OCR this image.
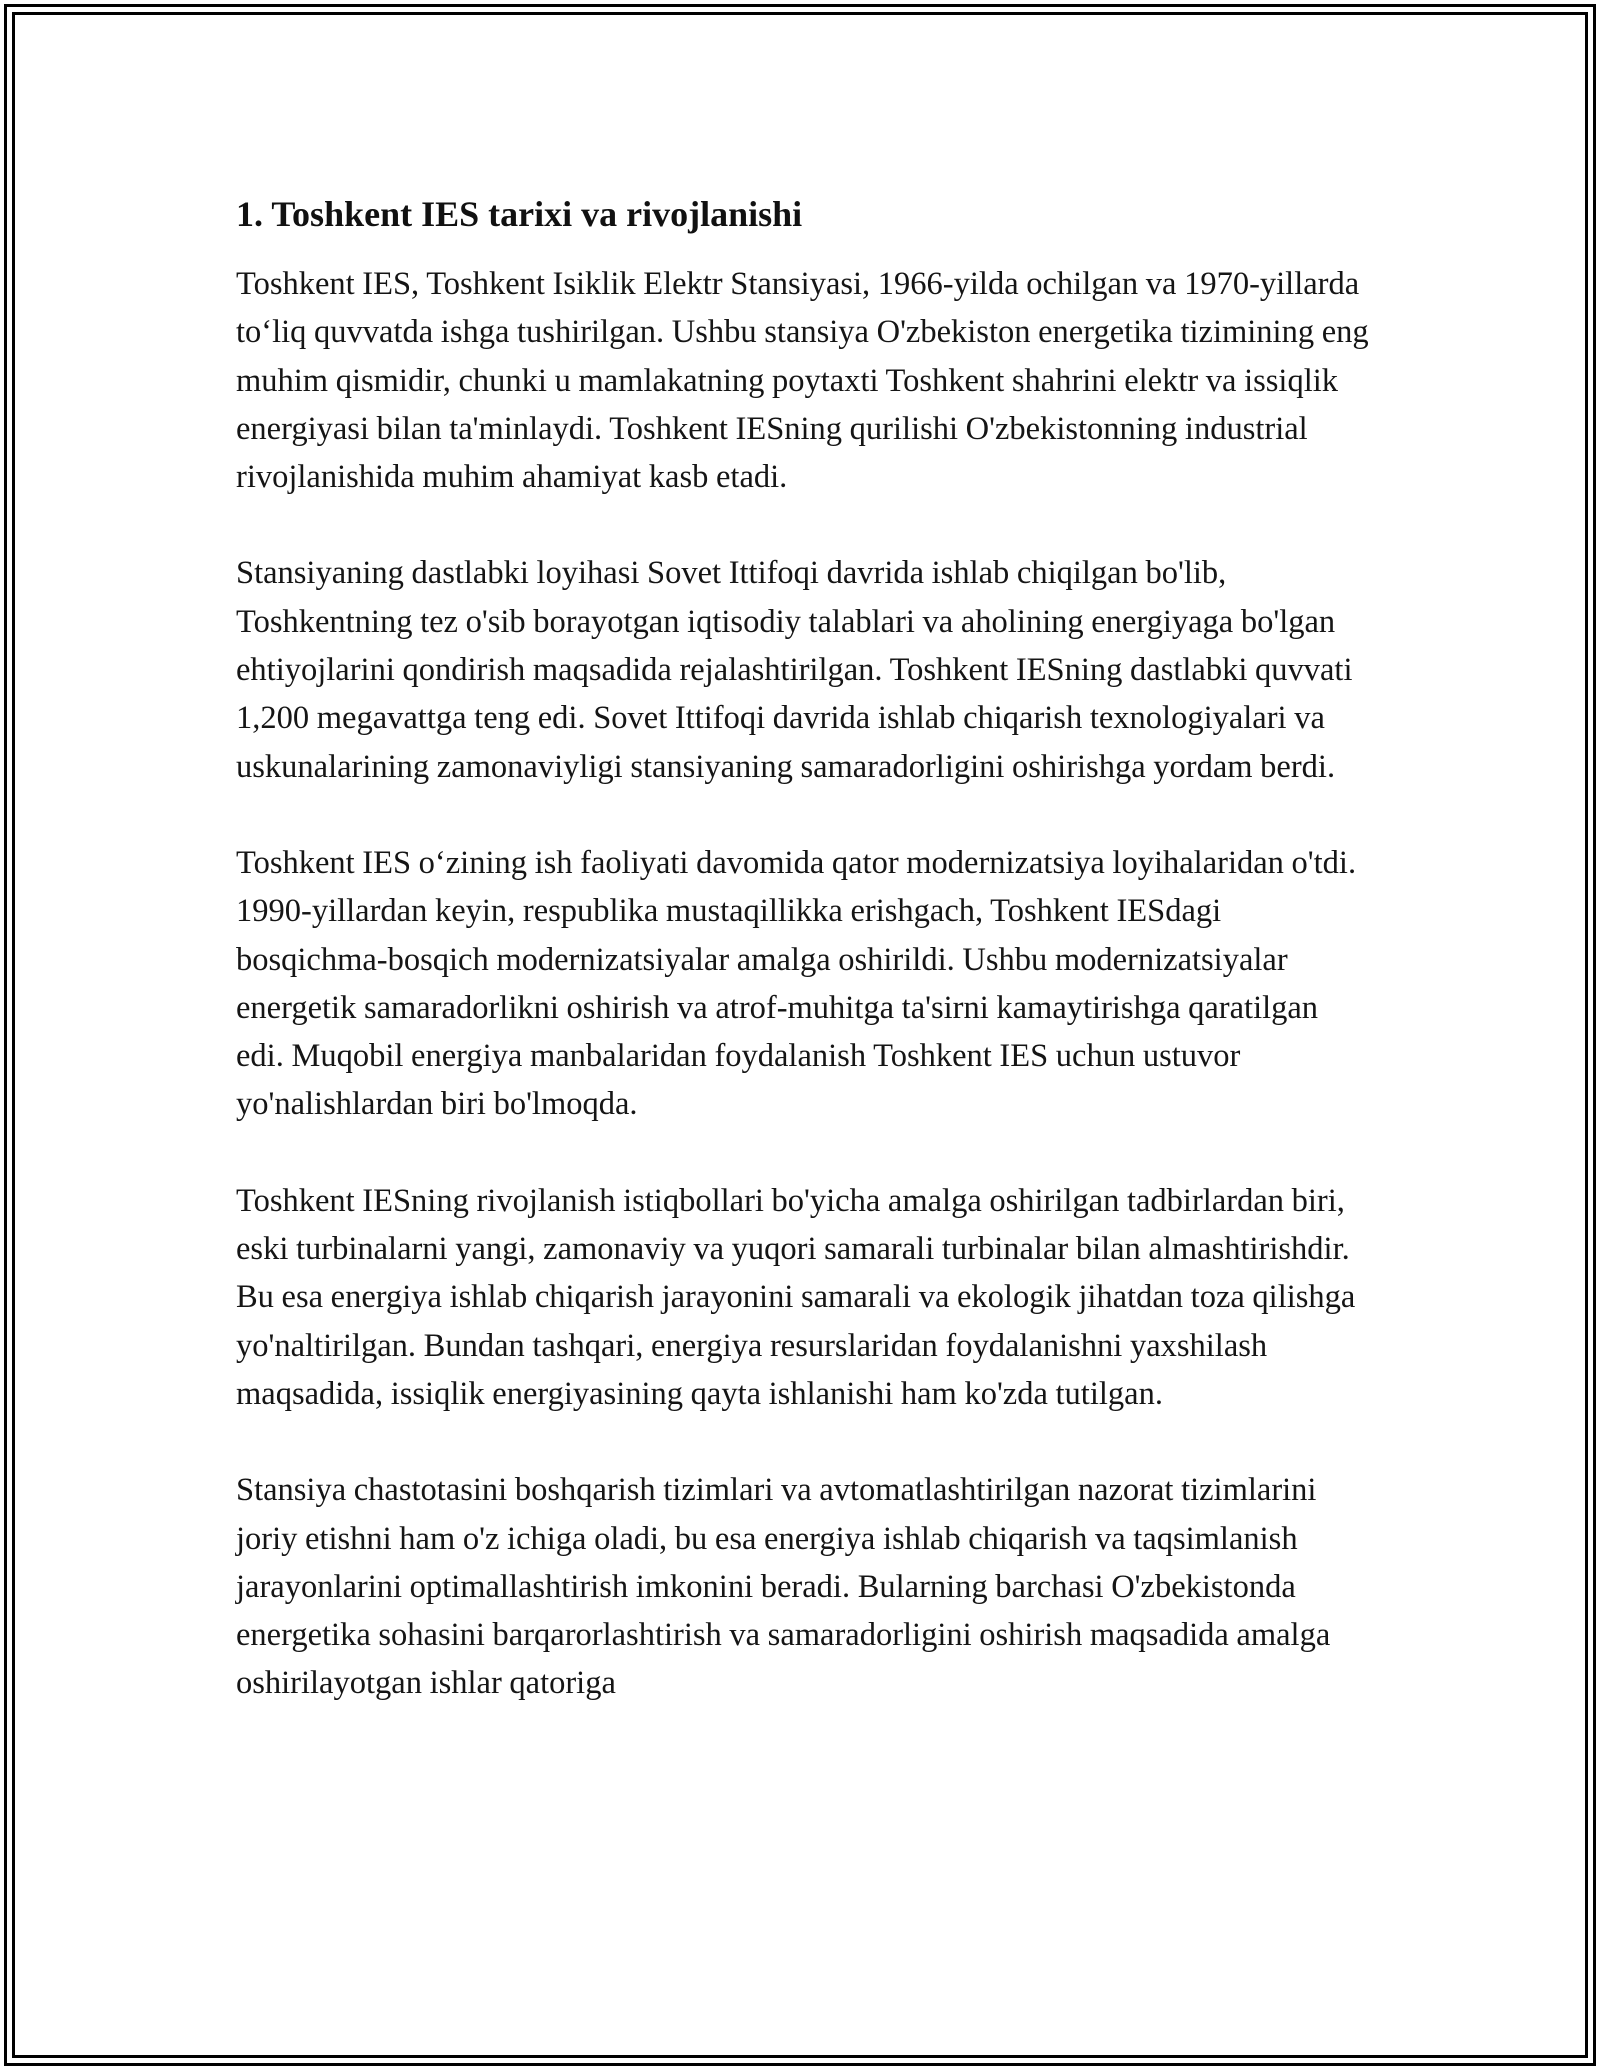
1. Toshkent IES tarixi va rivojlanishi

Toshkent IES, Toshkent Isiklik Elektr Stansiyasi, 1966-yilda ochilgan va 1970-yillarda to‘liq quvvatda ishga tushirilgan. Ushbu stansiya O'zbekiston energetika tizimining eng muhim qismidir, chunki u mamlakatning poytaxti Toshkent shahrini elektr va issiqlik energiyasi bilan ta'minlaydi. Toshkent IESning qurilishi O'zbekistonning industrial rivojlanishida muhim ahamiyat kasb etadi.

Stansiyaning dastlabki loyihasi Sovet Ittifoqi davrida ishlab chiqilgan bo'lib, Toshkentning tez o'sib borayotgan iqtisodiy talablari va aholining energiyaga bo'lgan ehtiyojlarini qondirish maqsadida rejalashtirilgan. Toshkent IESning dastlabki quvvati 1,200 megavattga teng edi. Sovet Ittifoqi davrida ishlab chiqarish texnologiyalari va uskunalarining zamonaviyligi stansiyaning samaradorligini oshirishga yordam berdi.

Toshkent IES o‘zining ish faoliyati davomida qator modernizatsiya loyihalaridan o'tdi. 1990-yillardan keyin, respublika mustaqillikka erishgach, Toshkent IESdagi bosqichma-bosqich modernizatsiyalar amalga oshirildi. Ushbu modernizatsiyalar energetik samaradorlikni oshirish va atrof-muhitga ta'sirni kamaytirishga qaratilgan edi. Muqobil energiya manbalaridan foydalanish Toshkent IES uchun ustuvor yo'nalishlardan biri bo'lmoqda.

Toshkent IESning rivojlanish istiqbollari bo'yicha amalga oshirilgan tadbirlardan biri, eski turbinalarni yangi, zamonaviy va yuqori samarali turbinalar bilan almashtirishdir. Bu esa energiya ishlab chiqarish jarayonini samarali va ekologik jihatdan toza qilishga yo'naltirilgan. Bundan tashqari, energiya resurslaridan foydalanishni yaxshilash maqsadida, issiqlik energiyasining qayta ishlanishi ham ko'zda tutilgan.

Stansiya chastotasini boshqarish tizimlari va avtomatlashtirilgan nazorat tizimlarini joriy etishni ham o'z ichiga oladi, bu esa energiya ishlab chiqarish va taqsimlanish jarayonlarini optimallashtirish imkonini beradi. Bularning barchasi O'zbekistonda energetika sohasini barqarorlashtirish va samaradorligini oshirish maqsadida amalga oshirilayotgan ishlar qatoriga
